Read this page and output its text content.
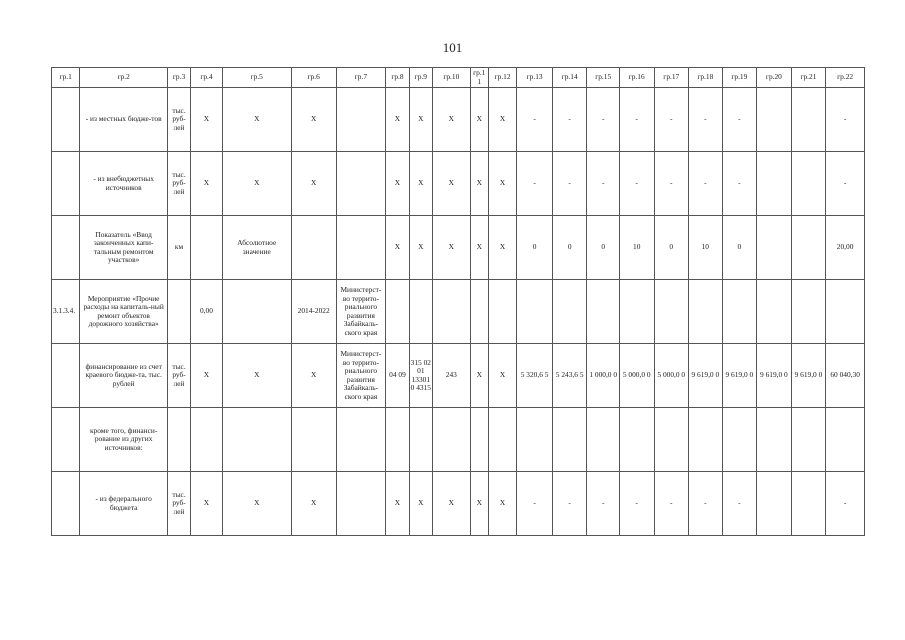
101
гр.1	гр.2	гр.3	гр.4	гр.5	гр.6	гр.7	гр.8	гр.9	гр.10	гр.11	гр.12	гр.13	гр.14	гр.15	гр.16	гр.17	гр.18	гр.19	гр.20	гр.21	гр.22
	- из местных бюдже-тов	тыс. руб-лей	X	X	X		X	X	X	X	X	-	-	-	-	-	-	-			-
	- из внебюджетных источников	тыс. руб-лей	X	X	X		X	X	X	X	X	-	-	-	-	-	-	-			-
	Показатель «Ввод законченных капи-тальным ремонтом участков»	км		Абсолютное значение			X	X	X	X	X	0	0	0	10	0	10	0			20,00
3.1.3.4.	Мероприятие «Прочие расходы на капиталь-ный ремонт объектов дорожного хозяйства»		0,00		2014-2022	Министерст-во террито-риального развития Забайкаль-ского края															
	финансирование из счет краевого бюдже-та, тыс. рублей	тыс. руб-лей	X	X	X	Министерст-во террито-риального развития Забайкаль-ского края	04 09	315 02 01 133010 4315	243	X	X	5 320,6 5	5 243,6 5	1 000,0 0	5 000,0 0	5 000,0 0	9 619,0 0	9 619,0 0	9 619,0 0	9 619,0 0	60 040,30
	кроме того, финанси-рование из других источников:																				
	- из федерального бюджета	тыс. руб-лей	X	X	X		X	X	X	X	X	-	-	-	-	-	-	-			-
